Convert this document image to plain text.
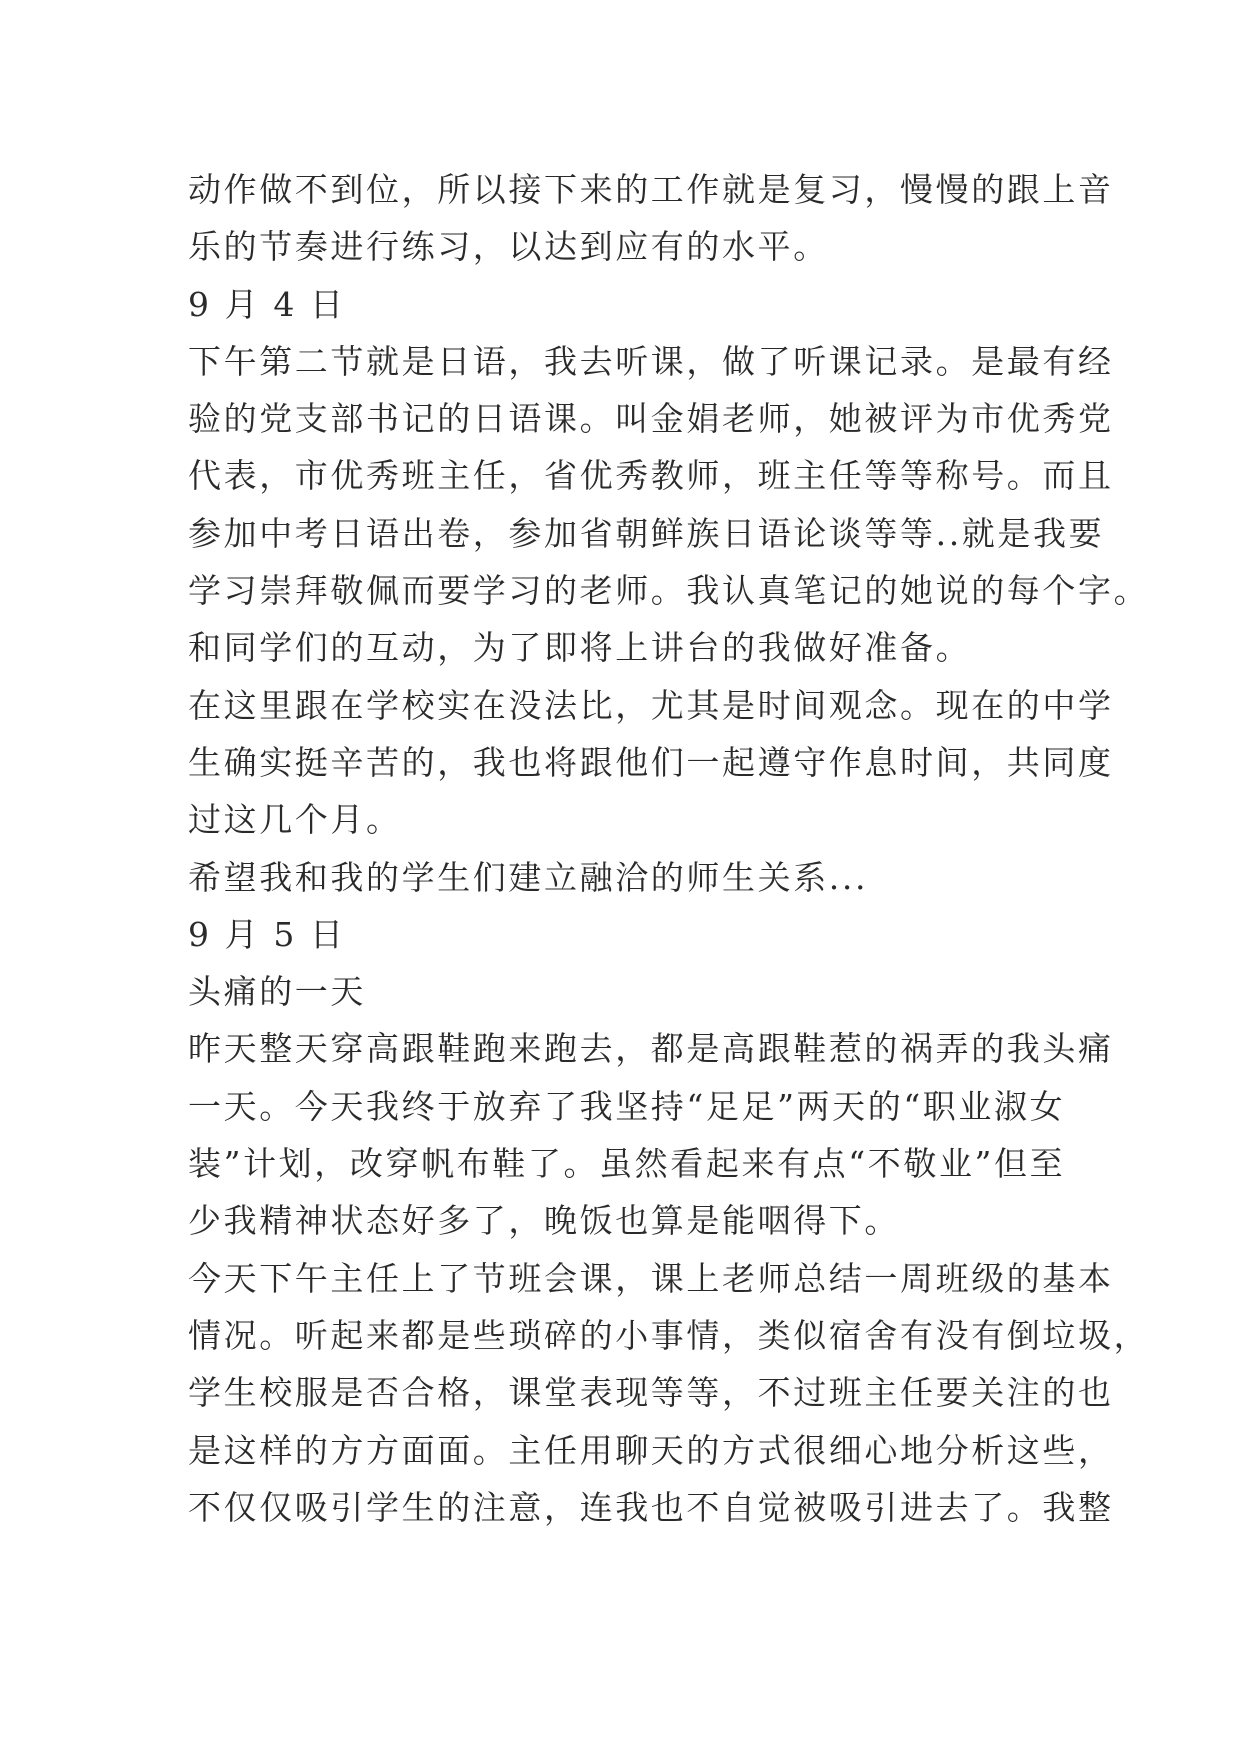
动作做不到位，所以接下来的工作就是复习，慢慢的跟上音
乐的节奏进行练习，以达到应有的水平。
9 月 4 日
下午第二节就是日语，我去听课，做了听课记录。是最有经
验的党支部书记的日语课。叫金娟老师，她被评为市优秀党
代表，市优秀班主任，省优秀教师，班主任等等称号。而且
参加中考日语出卷，参加省朝鲜族日语论谈等等..就是我要
学习崇拜敬佩而要学习的老师。我认真笔记的她说的每个字。
和同学们的互动，为了即将上讲台的我做好准备。
在这里跟在学校实在没法比，尤其是时间观念。现在的中学
生确实挺辛苦的，我也将跟他们一起遵守作息时间，共同度
过这几个月。
希望我和我的学生们建立融洽的师生关系...
9 月 5 日
头痛的一天
昨天整天穿高跟鞋跑来跑去，都是高跟鞋惹的祸弄的我头痛
一天。今天我终于放弃了我坚持“足足”两天的“职业淑女
装”计划，改穿帆布鞋了。虽然看起来有点“不敬业”但至
少我精神状态好多了，晚饭也算是能咽得下。
今天下午主任上了节班会课，课上老师总结一周班级的基本
情况。听起来都是些琐碎的小事情，类似宿舍有没有倒垃圾，
学生校服是否合格，课堂表现等等，不过班主任要关注的也
是这样的方方面面。主任用聊天的方式很细心地分析这些，
不仅仅吸引学生的注意，连我也不自觉被吸引进去了。我整
